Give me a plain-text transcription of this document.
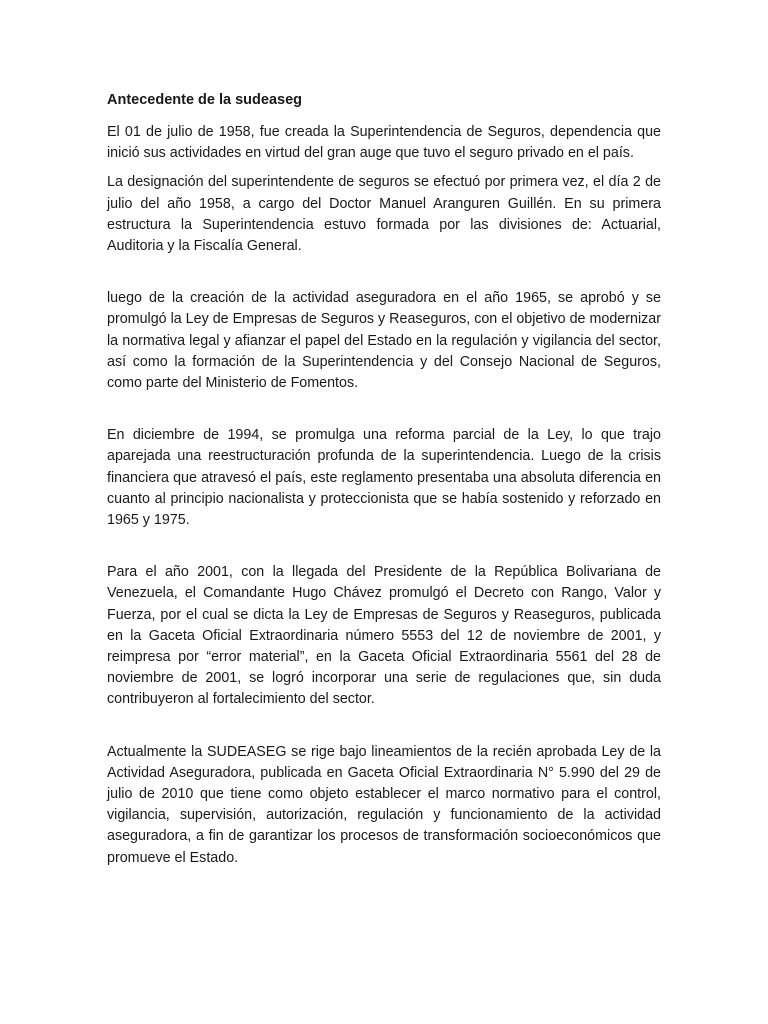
Antecedente de la sudeaseg

El 01 de julio de 1958, fue creada la Superintendencia de Seguros, dependencia que inició sus actividades en virtud del gran auge que tuvo el seguro privado en el país.

La designación del superintendente de seguros se efectuó por primera vez, el día 2 de julio del año 1958, a cargo del Doctor Manuel Aranguren Guillén. En su primera estructura la Superintendencia estuvo formada por las divisiones de: Actuarial, Auditoria y la Fiscalía General.

luego de la creación de la actividad aseguradora en el año 1965, se aprobó y se promulgó la Ley de Empresas de Seguros y Reaseguros, con el objetivo de modernizar la normativa legal y afianzar el papel del Estado en la regulación y vigilancia del sector, así como la formación de la Superintendencia y del Consejo Nacional de Seguros, como parte del Ministerio de Fomentos.

En diciembre de 1994, se promulga una reforma parcial de la Ley, lo que trajo aparejada una reestructuración profunda de la superintendencia. Luego de la crisis financiera que atravesó el país, este reglamento presentaba una absoluta diferencia en cuanto al principio nacionalista y proteccionista que se había sostenido y reforzado en 1965 y 1975.

Para el año 2001, con la llegada del Presidente de la República Bolivariana de Venezuela, el Comandante Hugo Chávez promulgó el Decreto con Rango, Valor y Fuerza, por el cual se dicta la Ley de Empresas de Seguros y Reaseguros, publicada en la Gaceta Oficial Extraordinaria número 5553 del 12 de noviembre de 2001, y reimpresa por “error material”, en la Gaceta Oficial Extraordinaria 5561 del 28 de noviembre de 2001, se logró incorporar una serie de regulaciones que, sin duda contribuyeron al fortalecimiento del sector.

Actualmente la SUDEASEG se rige bajo lineamientos de la recién aprobada Ley de la Actividad Aseguradora, publicada en Gaceta Oficial Extraordinaria N° 5.990 del 29 de julio de 2010 que tiene como objeto establecer el marco normativo para el control, vigilancia, supervisión, autorización, regulación y funcionamiento de la actividad aseguradora, a fin de garantizar los procesos de transformación socioeconómicos que promueve el Estado.
